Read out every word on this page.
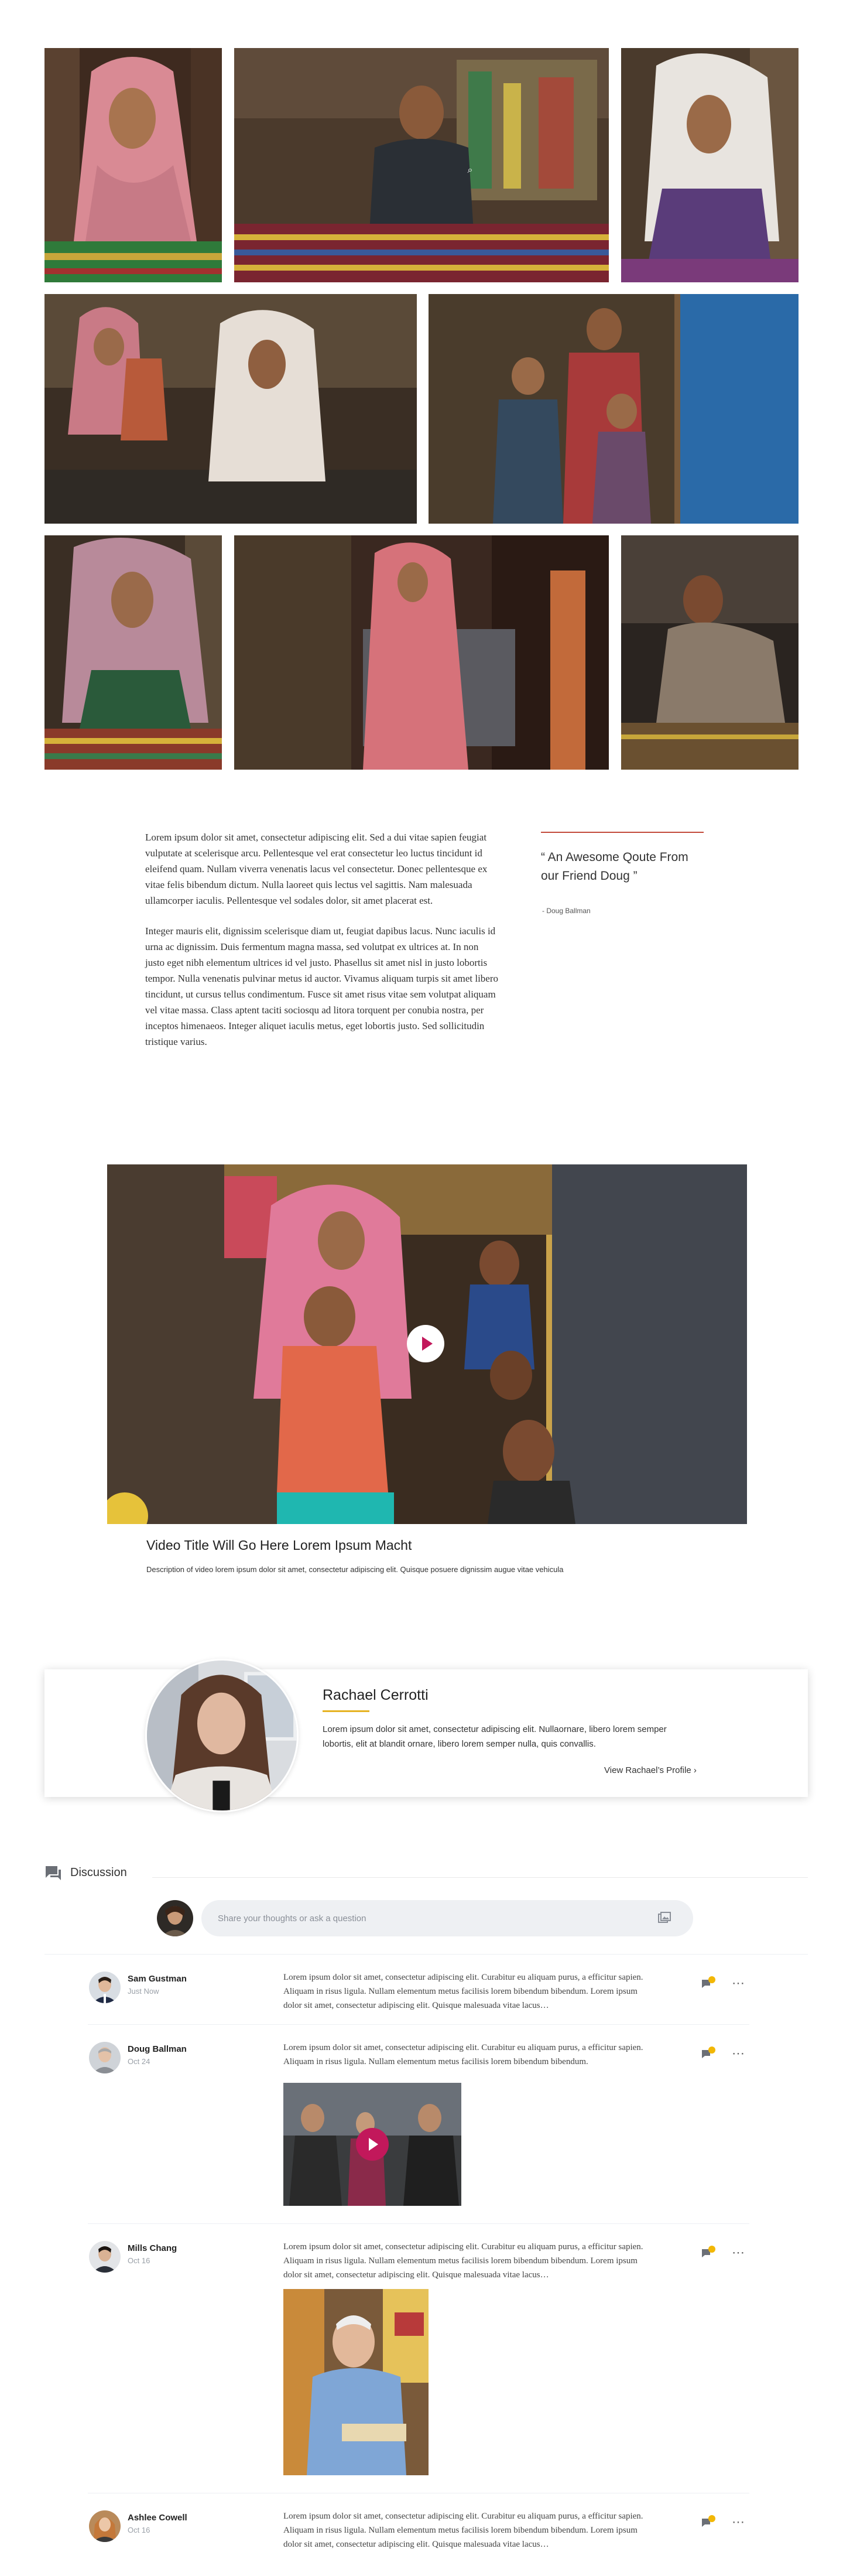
⌕

Lorem ipsum dolor sit amet, consectetur adipiscing elit. Sed a dui vitae sapien feugiat vulputate at scelerisque arcu. Pellentesque vel erat consectetur leo luctus tincidunt id eleifend quam. Nullam viverra venenatis lacus vel consectetur. Donec pellentesque ex vitae felis bibendum dictum. Nulla laoreet quis lectus vel sagittis. Nam malesuada ullamcorper iaculis. Pellentesque vel sodales dolor, sit amet placerat est.

Integer mauris elit, dignissim scelerisque diam ut, feugiat dapibus lacus. Nunc iaculis id urna ac dignissim. Duis fermentum magna massa, sed volutpat ex ultrices at. In non justo eget nibh elementum ultrices id vel justo. Phasellus sit amet nisl in justo lobortis tempor. Nulla venenatis pulvinar metus id auctor. Vivamus aliquam turpis sit amet libero tincidunt, ut cursus tellus condimentum. Fusce sit amet risus vitae sem volutpat aliquam vel vitae massa. Class aptent taciti sociosqu ad litora torquent per conubia nostra, per inceptos himenaeos. Integer aliquet iaculis metus, eget lobortis justo. Sed sollicitudin tristique varius.

“ An Awesome Qoute From our Friend Doug ”
- Doug Ballman
Video Title Will Go Here Lorem Ipsum Macht
Description of video lorem ipsum dolor sit amet, consectetur adipiscing elit. Quisque posuere dignissim augue vitae vehicula
Rachael Cerrotti
Lorem ipsum dolor sit amet, consectetur adipiscing elit. Nullaornare, libero lorem semper lobortis, elit at blandit ornare, libero lorem semper nulla, quis convallis.
View Rachael’s Profile ›
Discussion
Share your thoughts or ask a question
Sam Gustman
Just Now
Lorem ipsum dolor sit amet, consectetur adipiscing elit. Curabitur eu aliquam purus, a efficitur sapien. Aliquam in risus ligula. Nullam elementum metus facilisis lorem bibendum bibendum. Lorem ipsum dolor sit amet, consectetur adipiscing elit. Quisque malesuada vitae lacus…
⋯
Doug Ballman
Oct 24
Lorem ipsum dolor sit amet, consectetur adipiscing elit. Curabitur eu aliquam purus, a efficitur sapien. Aliquam in risus ligula. Nullam elementum metus facilisis lorem bibendum bibendum.
⋯
Mills Chang
Oct 16
Lorem ipsum dolor sit amet, consectetur adipiscing elit. Curabitur eu aliquam purus, a efficitur sapien. Aliquam in risus ligula. Nullam elementum metus facilisis lorem bibendum bibendum. Lorem ipsum dolor sit amet, consectetur adipiscing elit. Quisque malesuada vitae lacus…
⋯
Ashlee Cowell
Oct 16
Lorem ipsum dolor sit amet, consectetur adipiscing elit. Curabitur eu aliquam purus, a efficitur sapien. Aliquam in risus ligula. Nullam elementum metus facilisis lorem bibendum bibendum. Lorem ipsum dolor sit amet, consectetur adipiscing elit. Quisque malesuada vitae lacus…
⋯
